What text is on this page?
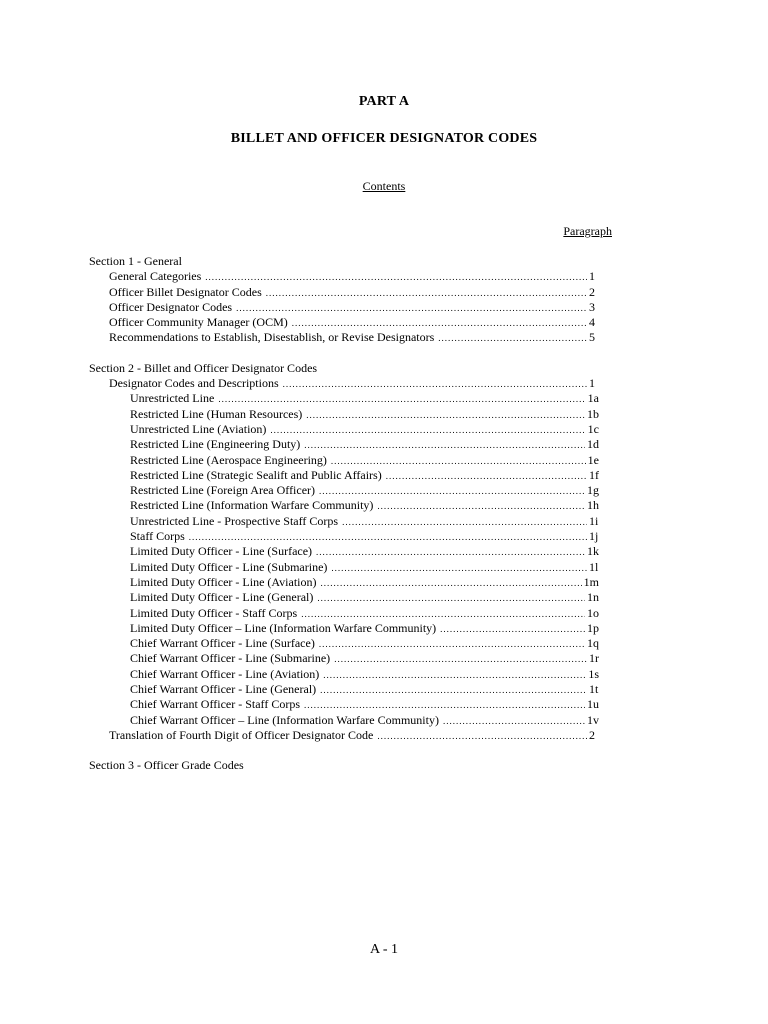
PART A
BILLET AND OFFICER DESIGNATOR CODES
Contents
Paragraph
Section 1 - General
General Categories .....	1
Officer Billet Designator Codes .....	2
Officer Designator Codes .....	3
Officer Community Manager (OCM) .....	4
Recommendations to Establish, Disestablish, or Revise Designators .....	5
Section 2 - Billet and Officer Designator Codes
Designator Codes and Descriptions .....	1
Unrestricted Line .....	1a
Restricted Line (Human Resources) .....	1b
Unrestricted Line (Aviation) .....	1c
Restricted Line (Engineering Duty) .....	1d
Restricted Line (Aerospace Engineering) .....	1e
Restricted Line (Strategic Sealift and Public Affairs) .....	1f
Restricted Line (Foreign Area Officer) .....	1g
Restricted Line (Information Warfare Community) .....	1h
Unrestricted Line - Prospective Staff Corps .....	1i
Staff Corps .....	1j
Limited Duty Officer - Line (Surface) .....	1k
Limited Duty Officer - Line (Submarine) .....	1l
Limited Duty Officer - Line (Aviation) .....	1m
Limited Duty Officer - Line (General) .....	1n
Limited Duty Officer - Staff Corps .....	1o
Limited Duty Officer – Line (Information Warfare Community) .....	1p
Chief Warrant Officer - Line (Surface) .....	1q
Chief Warrant Officer - Line (Submarine) .....	1r
Chief Warrant Officer - Line (Aviation) .....	1s
Chief Warrant Officer - Line (General) .....	1t
Chief Warrant Officer - Staff Corps .....	1u
Chief Warrant Officer – Line (Information Warfare Community) .....	1v
Translation of Fourth Digit of Officer Designator Code .....	2
Section 3 - Officer Grade Codes
A - 1
